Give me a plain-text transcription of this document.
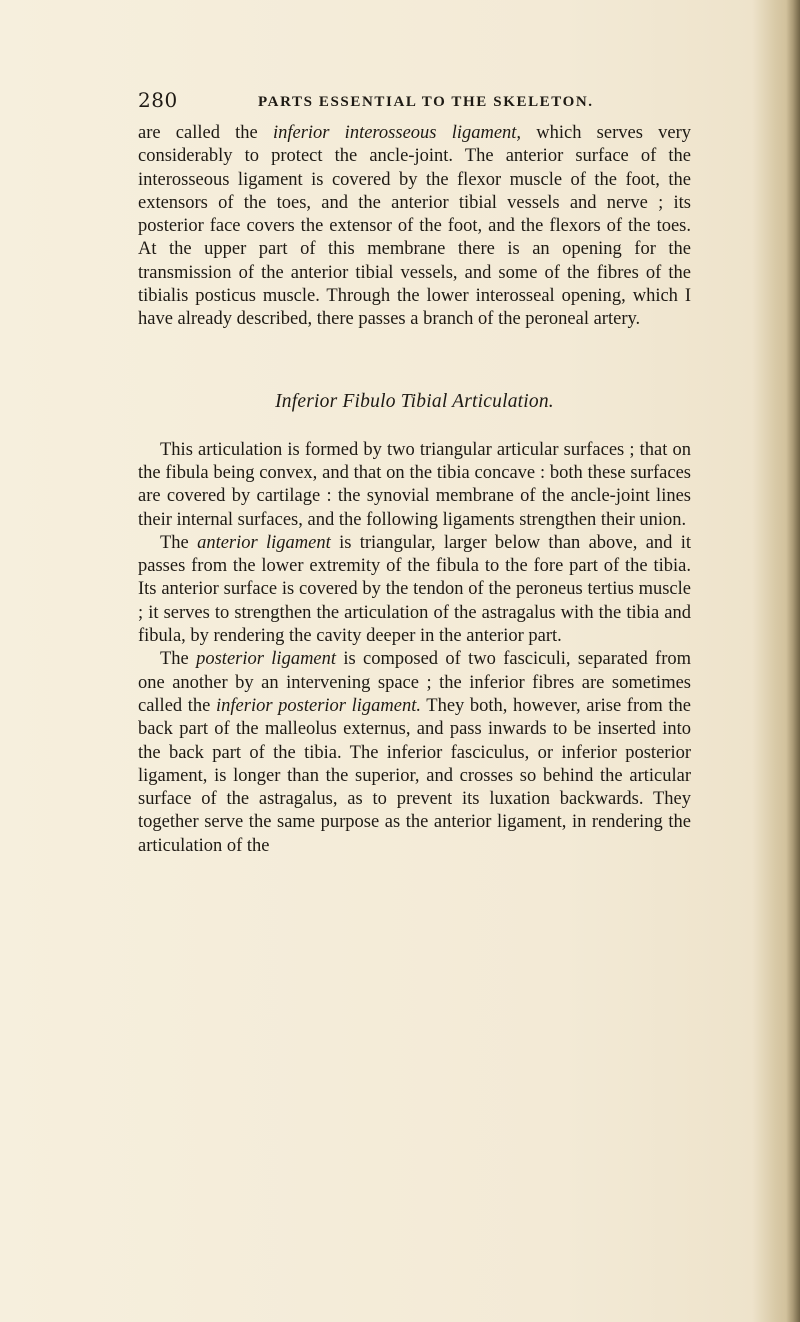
280	PARTS ESSENTIAL TO THE SKELETON.

are called the inferior interosseous ligament, which serves very considerably to protect the ancle-joint. The anterior surface of the interosseous ligament is covered by the flexor muscle of the foot, the extensors of the toes, and the anterior tibial vessels and nerve ; its posterior face covers the extensor of the foot, and the flexors of the toes. At the upper part of this membrane there is an opening for the transmission of the anterior tibial vessels, and some of the fibres of the tibialis posticus muscle. Through the lower interosseal opening, which I have already described, there passes a branch of the peroneal artery.

Inferior Fibulo Tibial Articulation.

This articulation is formed by two triangular articular surfaces ; that on the fibula being convex, and that on the tibia concave : both these surfaces are covered by cartilage : the synovial membrane of the ancle-joint lines their internal surfaces, and the following ligaments strengthen their union.

The anterior ligament is triangular, larger below than above, and it passes from the lower extremity of the fibula to the fore part of the tibia. Its anterior surface is covered by the tendon of the peroneus tertius muscle ; it serves to strengthen the articulation of the astragalus with the tibia and fibula, by rendering the cavity deeper in the anterior part.

The posterior ligament is composed of two fasciculi, separated from one another by an intervening space ; the inferior fibres are sometimes called the inferior posterior ligament. They both, however, arise from the back part of the malleolus externus, and pass inwards to be inserted into the back part of the tibia. The inferior fasciculus, or inferior posterior ligament, is longer than the superior, and crosses so behind the articular surface of the astragalus, as to prevent its luxation backwards. They together serve the same purpose as the anterior ligament, in rendering the articulation of the
